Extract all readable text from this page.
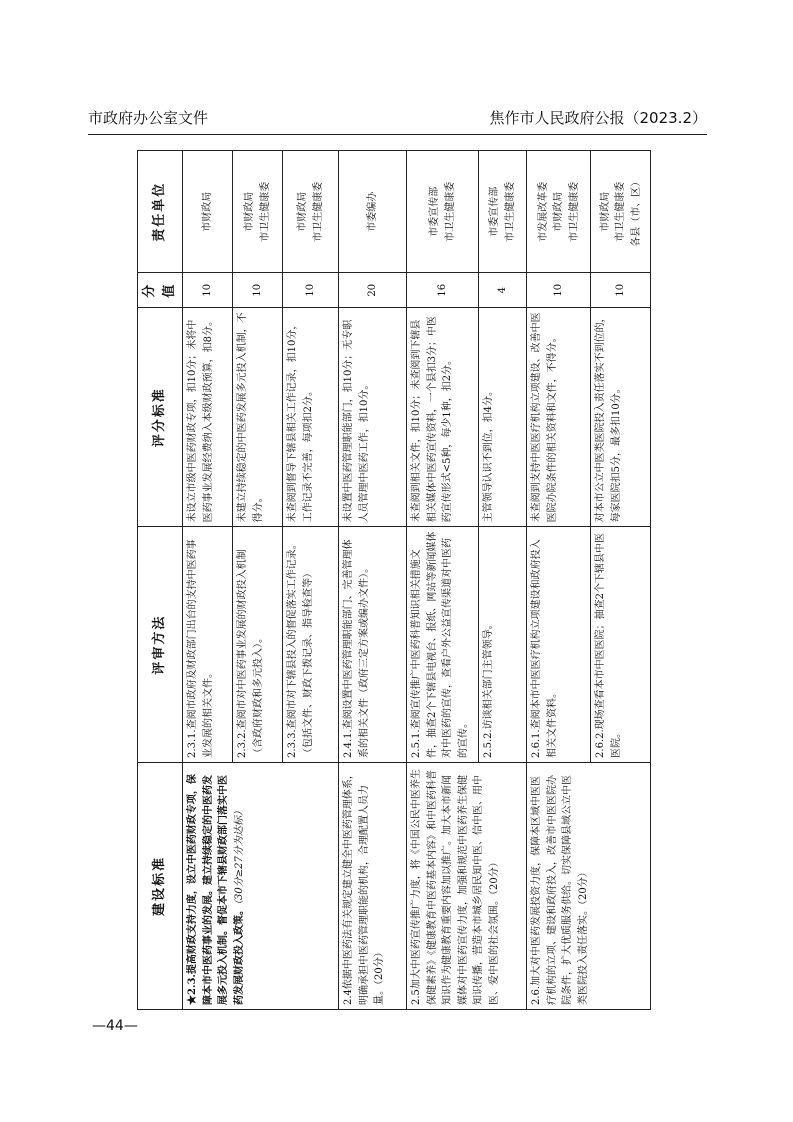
市政府办公室文件	焦作市人民政府公报（2023.2）
建设标准	评审方法	评分标准	分值	责任单位
★2.3.提高财政支持力度，设立中医药财政专项，保障本市中医药事业的发展。建立持续稳定的中医药发展多元投入机制。督促本市下辖县财政部门落实中医药发展财政投入政策。（30分≥27分为达标）	2.3.1.查阅市政府及财政部门出台的支持中医药事业发展的相关文件。	未设立市级中医药财政专项，扣10分；未将中医药事业发展经费纳入本级财政预算，扣8分。	10	市财政局

	2.3.2.查阅市对中医药事业发展的财政投入机制（含政府财政和多元投入）。	未建立持续稳定的中医药发展多元投入机制，不得分。	10	市财政局 市卫生健康委

	2.3.3.查阅市对下辖县投入的督促落实工作记录。（包括文件、财政下拨记录、指导检查等）	未查阅到督导下辖县相关工作记录，扣10分，工作记录不完善，每项扣2分。	10	市财政局 市卫生健康委

2.4依据中医药法有关规定建立健全中医药管理体系，明确承担中医药管理职能的机构，合理配置人员力量。（20分）	2.4.1.查阅设置中医药管理职能部门、完善管理体系的相关文件（政府三定方案或编办文件）。	未设置中医药管理职能部门，扣10分；无专职人员管理中医药工作，扣10分。	20	市委编办

2.5加大中医药宣传推广力度，将《中国公民中医养生保健素养》《健康教育中医药基本内容》和中医药科普知识作为健康教育重要内容加以推广。加大本市新闻媒体对中医药宣传力度，加强和规范中医药养生保健知识传播，营造本市城乡居民知中医、信中医、用中医、爱中医的社会氛围。（20分）	2.5.1.查阅宣传推广中医药科普知识相关措施文件，抽查2个下辖县电视台、报纸、网站等新闻媒体对中医药的宣传，查看户外公益宣传渠道对中医药的宣传。	未查阅到相关文件，扣10分；未查阅到下辖县相关媒体中医药宣传资料，一个县扣3分；中医药宣传形式<5种，每少1种，扣2分。	16	市委宣传部 市卫生健康委

	2.5.2.访谈相关部门主管领导。	主管领导认识不到位，扣4分。	4	市委宣传部 市卫生健康委

2.6.加大对中医药发展投资力度，保障本区域中医医疗机构的立项、建设和政府投入，改善市中医医院办院条件，扩大优质服务供给。切实保障县域公立中医类医院投入责任落实。（20分）	2.6.1.查阅本市中医医疗机构立项建设和政府投入相关文件资料。	未查阅到支持中医医疗机构立项建设、改善中医医院办院条件的相关资料和文件，不得分。	10	市发展改革委 市财政局 市卫生健康委

	2.6.2.现场查看本市中医医院；抽查2个下辖县中医医院。	对本市公立中医类医院投入责任落实不到位的，每家医院扣5分，最多扣10分。	10	市财政局 市卫生健康委 各县（市、区）
—44—
